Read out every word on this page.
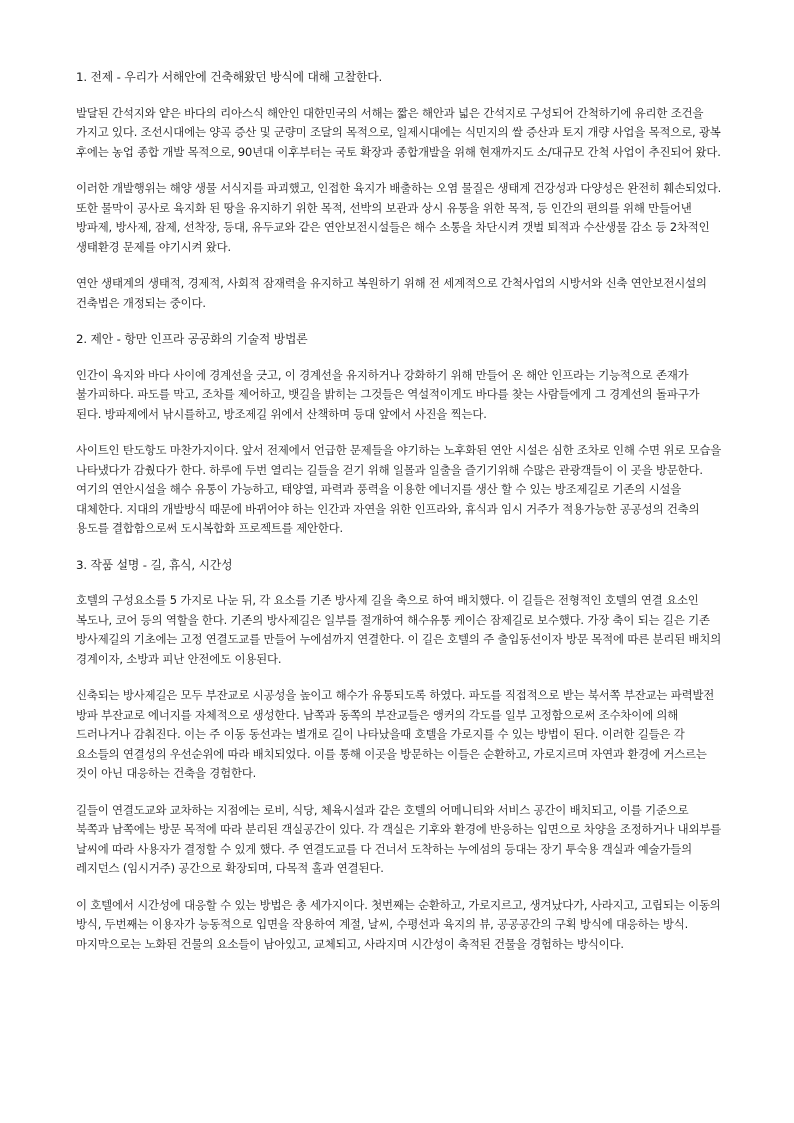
1. 전제 - 우리가 서해안에 건축해왔던 방식에 대해 고찰한다.
발달된 간석지와 얕은 바다의 리아스식 해안인 대한민국의 서해는 짧은 해안과 넓은 간석지로 구성되어 간척하기에 유리한 조건을 가지고 있다. 조선시대에는 양곡 증산 및 군량미 조달의 목적으로, 일제시대에는 식민지의 쌀 증산과 토지 개량 사업을 목적으로, 광복 후에는 농업 종합 개발 목적으로, 90년대 이후부터는 국토 확장과 종합개발을 위해 현재까지도 소/대규모 간척 사업이 추진되어 왔다.
이러한 개발행위는 해양 생물 서식지를 파괴했고, 인접한 육지가 배출하는 오염 물질은 생태계 건강성과 다양성은 완전히 훼손되었다. 또한 물막이 공사로 육지화 된 땅을 유지하기 위한 목적, 선박의 보관과 상시 유통을 위한 목적, 등 인간의 편의를 위해 만들어낸 방파제, 방사제, 잠제, 선착장, 등대, 유두교와 같은 연안보전시설들은 해수 소통을 차단시켜 갯벌 퇴적과 수산생물 감소 등 2차적인 생태환경 문제를 야기시켜 왔다.
연안 생태계의 생태적, 경제적, 사회적 잠재력을 유지하고 복원하기 위해 전 세계적으로 간척사업의 시방서와 신축 연안보전시설의 건축법은 개정되는 중이다.
2. 제안 - 항만 인프라 공공화의 기술적 방법론
인간이 육지와 바다 사이에 경계선을 긋고, 이 경계선을 유지하거나 강화하기 위해 만들어 온 해안 인프라는 기능적으로 존재가 불가피하다. 파도를 막고, 조차를 제어하고, 뱃길을 밝히는 그것들은 역설적이게도 바다를 찾는 사람들에게 그 경계선의 돌파구가 된다. 방파제에서 낚시를하고, 방조제길 위에서 산책하며 등대 앞에서 사진을 찍는다.
사이트인 탄도항도 마찬가지이다. 앞서 전제에서 언급한 문제들을 야기하는 노후화된 연안 시설은 심한 조차로 인해 수면 위로 모습을 나타냈다가 감췄다가 한다. 하루에 두번 열리는 길들을 걷기 위해 일몰과 일출을 즐기기위해 수많은 관광객들이 이 곳을 방문한다. 여기의 연안시설을 해수 유통이 가능하고, 태양열, 파력과 풍력을 이용한 에너지를 생산 할 수 있는 방조제길로 기존의 시설을 대체한다. 지대의 개발방식 때문에 바뀌어야 하는 인간과 자연을 위한 인프라와, 휴식과 임시 거주가 적용가능한 공공성의 건축의 용도를 결합함으로써 도시복합화 프로젝트를 제안한다.
3. 작품 설명 - 길, 휴식, 시간성
호텔의 구성요소를 5 가지로 나눈 뒤, 각 요소를 기존 방사제 길을 축으로 하여 배치했다. 이 길들은 전형적인 호텔의 연결 요소인 복도나, 코어 등의 역할을 한다. 기존의 방사제길은 일부를 절개하여 해수유통 케이슨 잠제길로 보수했다. 가장 축이 되는 길은 기존 방사제길의 기초에는 고정 연결도교를 만들어 누에섬까지 연결한다. 이 길은 호텔의 주 출입동선이자 방문 목적에 따른 분리된 배치의 경계이자, 소방과 피난 안전에도 이용된다.
신축되는 방사제길은 모두 부잔교로 시공성을 높이고 해수가 유통되도록 하였다. 파도를 직접적으로 받는 북서쪽 부잔교는 파력발전 방파 부잔교로 에너지를 자체적으로 생성한다. 남쪽과 동쪽의 부잔교들은 앵커의 각도를 일부 고정함으로써 조수차이에 의해 드러나거나 감춰진다. 이는 주 이동 동선과는 별개로 길이 나타났을때 호텔을 가로지를 수 있는 방법이 된다. 이러한 길들은 각 요소들의 연결성의 우선순위에 따라 배치되었다. 이를 통해 이곳을 방문하는 이들은 순환하고, 가로지르며 자연과 환경에 거스르는 것이 아닌 대응하는 건축을 경험한다.
길들이 연결도교와 교차하는 지점에는 로비, 식당, 체육시설과 같은 호텔의 어메니티와 서비스 공간이 배치되고, 이를 기준으로 북쪽과 남쪽에는 방문 목적에 따라 분리된 객실공간이 있다. 각 객실은 기후와 환경에 반응하는 입면으로 차양을 조정하거나 내외부를 날씨에 따라 사용자가 결정할 수 있게 했다. 주 연결도교를 다 건너서 도착하는 누에섬의 등대는 장기 투숙용 객실과 예술가들의 레지던스 (임시거주) 공간으로 확장되며, 다목적 홀과 연결된다.
이 호텔에서 시간성에 대응할 수 있는 방법은 총 세가지이다. 첫번째는 순환하고, 가로지르고, 생겨났다가, 사라지고, 고립되는 이동의 방식, 두번째는 이용자가 능동적으로 입면을 작용하여 계절, 날씨, 수평선과 육지의 뷰, 공공공간의 구획 방식에 대응하는 방식. 마지막으로는 노화된 건물의 요소들이 남아있고, 교체되고, 사라지며 시간성이 축적된 건물을 경험하는 방식이다.
